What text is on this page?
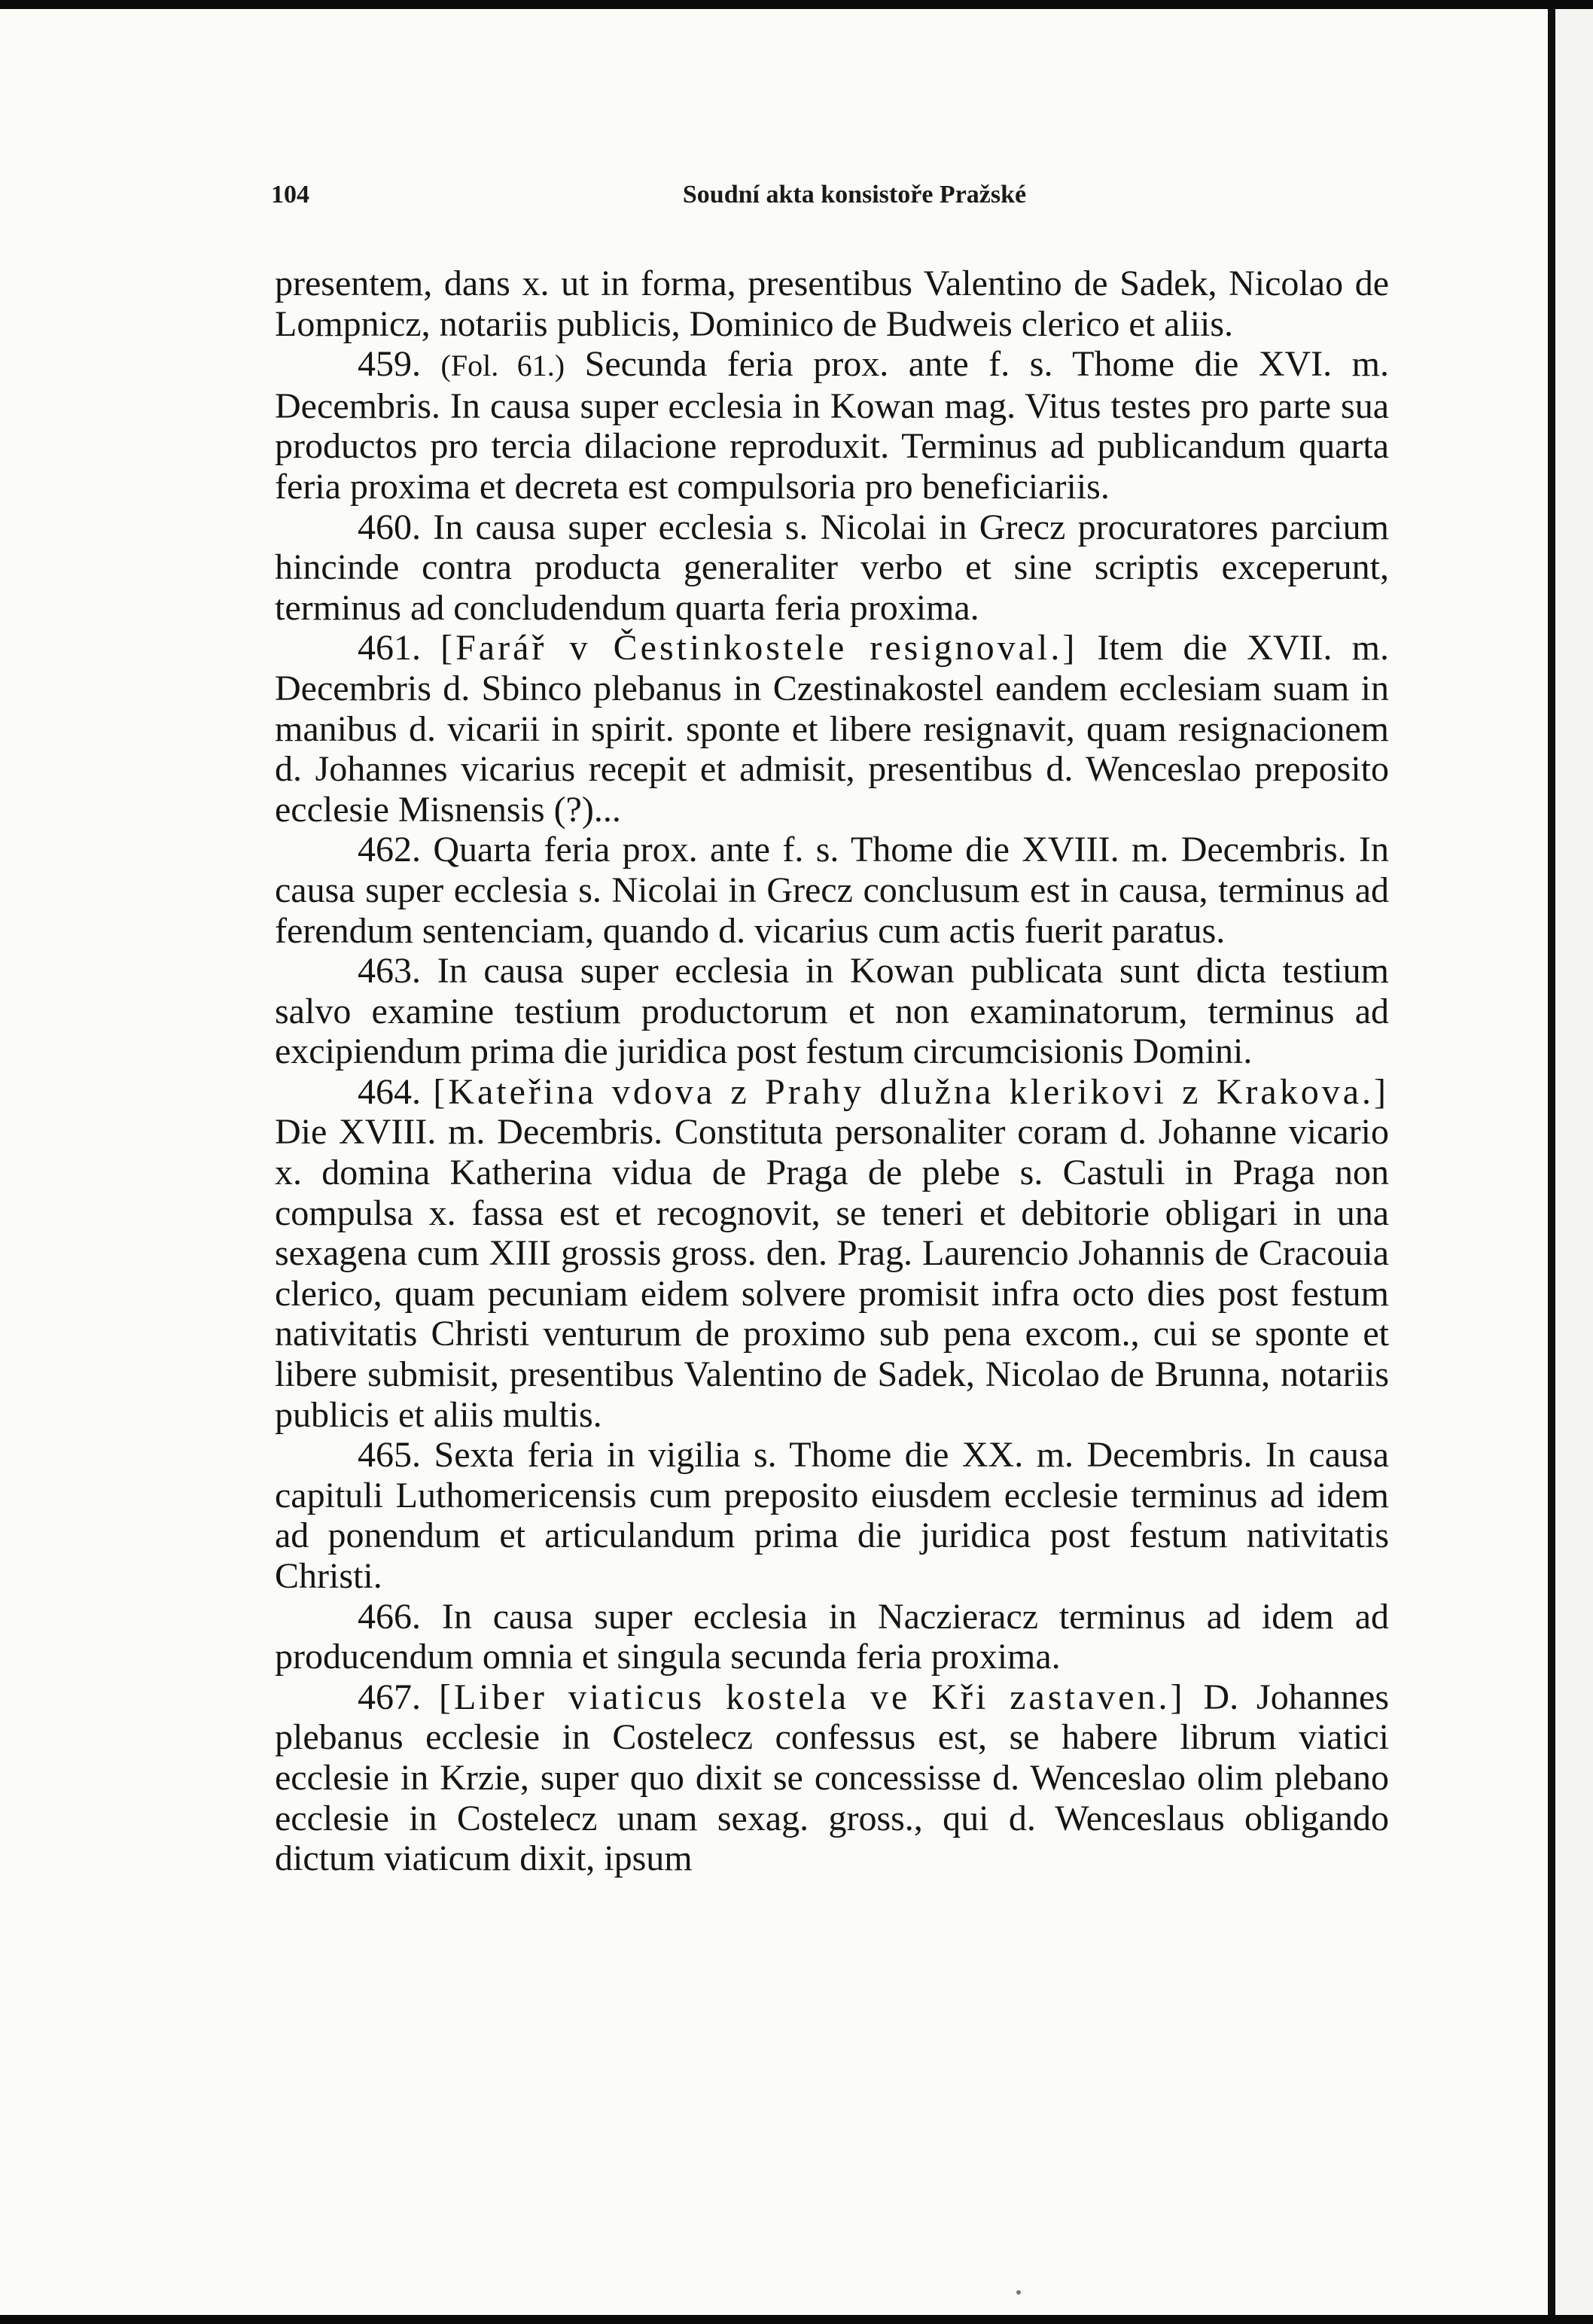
104	Soudní akta konsistoře Pražské

presentem, dans x. ut in forma, presentibus Valentino de Sadek, Nicolao de Lompnicz, notariis publicis, Dominico de Budweis clerico et aliis.

459. (Fol. 61.) Secunda feria prox. ante f. s. Thome die XVI. m. Decembris. In causa super ecclesia in Kowan mag. Vitus testes pro parte sua productos pro tercia dilacione reproduxit. Terminus ad publicandum quarta feria proxima et decreta est compulsoria pro beneficiariis.

460. In causa super ecclesia s. Nicolai in Grecz procuratores parcium hincinde contra producta generaliter verbo et sine scriptis exceperunt, terminus ad concludendum quarta feria proxima.

461. [Farář v Čestinkostele resignoval.] Item die XVII. m. Decembris d. Sbinco plebanus in Czestinakostel eandem ecclesiam suam in manibus d. vicarii in spirit. sponte et libere resignavit, quam resignacionem d. Johannes vicarius recepit et admisit, presentibus d. Wenceslao preposito ecclesie Misnensis (?)...

462. Quarta feria prox. ante f. s. Thome die XVIII. m. Decembris. In causa super ecclesia s. Nicolai in Grecz conclusum est in causa, terminus ad ferendum sentenciam, quando d. vicarius cum actis fuerit paratus.

463. In causa super ecclesia in Kowan publicata sunt dicta testium salvo examine testium productorum et non examinatorum, terminus ad excipiendum prima die juridica post festum circumcisionis Domini.

464. [Kateřina vdova z Prahy dlužna klerikovi z Krakova.] Die XVIII. m. Decembris. Constituta personaliter coram d. Johanne vicario x. domina Katherina vidua de Praga de plebe s. Castuli in Praga non compulsa x. fassa est et recognovit, se teneri et debitorie obligari in una sexagena cum XIII grossis gross. den. Prag. Laurencio Johannis de Cracouia clerico, quam pecuniam eidem solvere promisit infra octo dies post festum nativitatis Christi venturum de proximo sub pena excom., cui se sponte et libere submisit, presentibus Valentino de Sadek, Nicolao de Brunna, notariis publicis et aliis multis.

465. Sexta feria in vigilia s. Thome die XX. m. Decembris. In causa capituli Luthomericensis cum preposito eiusdem ecclesie terminus ad idem ad ponendum et articulandum prima die juridica post festum nativitatis Christi.

466. In causa super ecclesia in Naczieracz terminus ad idem ad producendum omnia et singula secunda feria proxima.

467. [Liber viaticus kostela ve Kři zastaven.] D. Johannes plebanus ecclesie in Costelecz confessus est, se habere librum viatici ecclesie in Krzie, super quo dixit se concessisse d. Wenceslao olim plebano ecclesie in Costelecz unam sexag. gross., qui d. Wenceslaus obligando dictum viaticum dixit, ipsum
